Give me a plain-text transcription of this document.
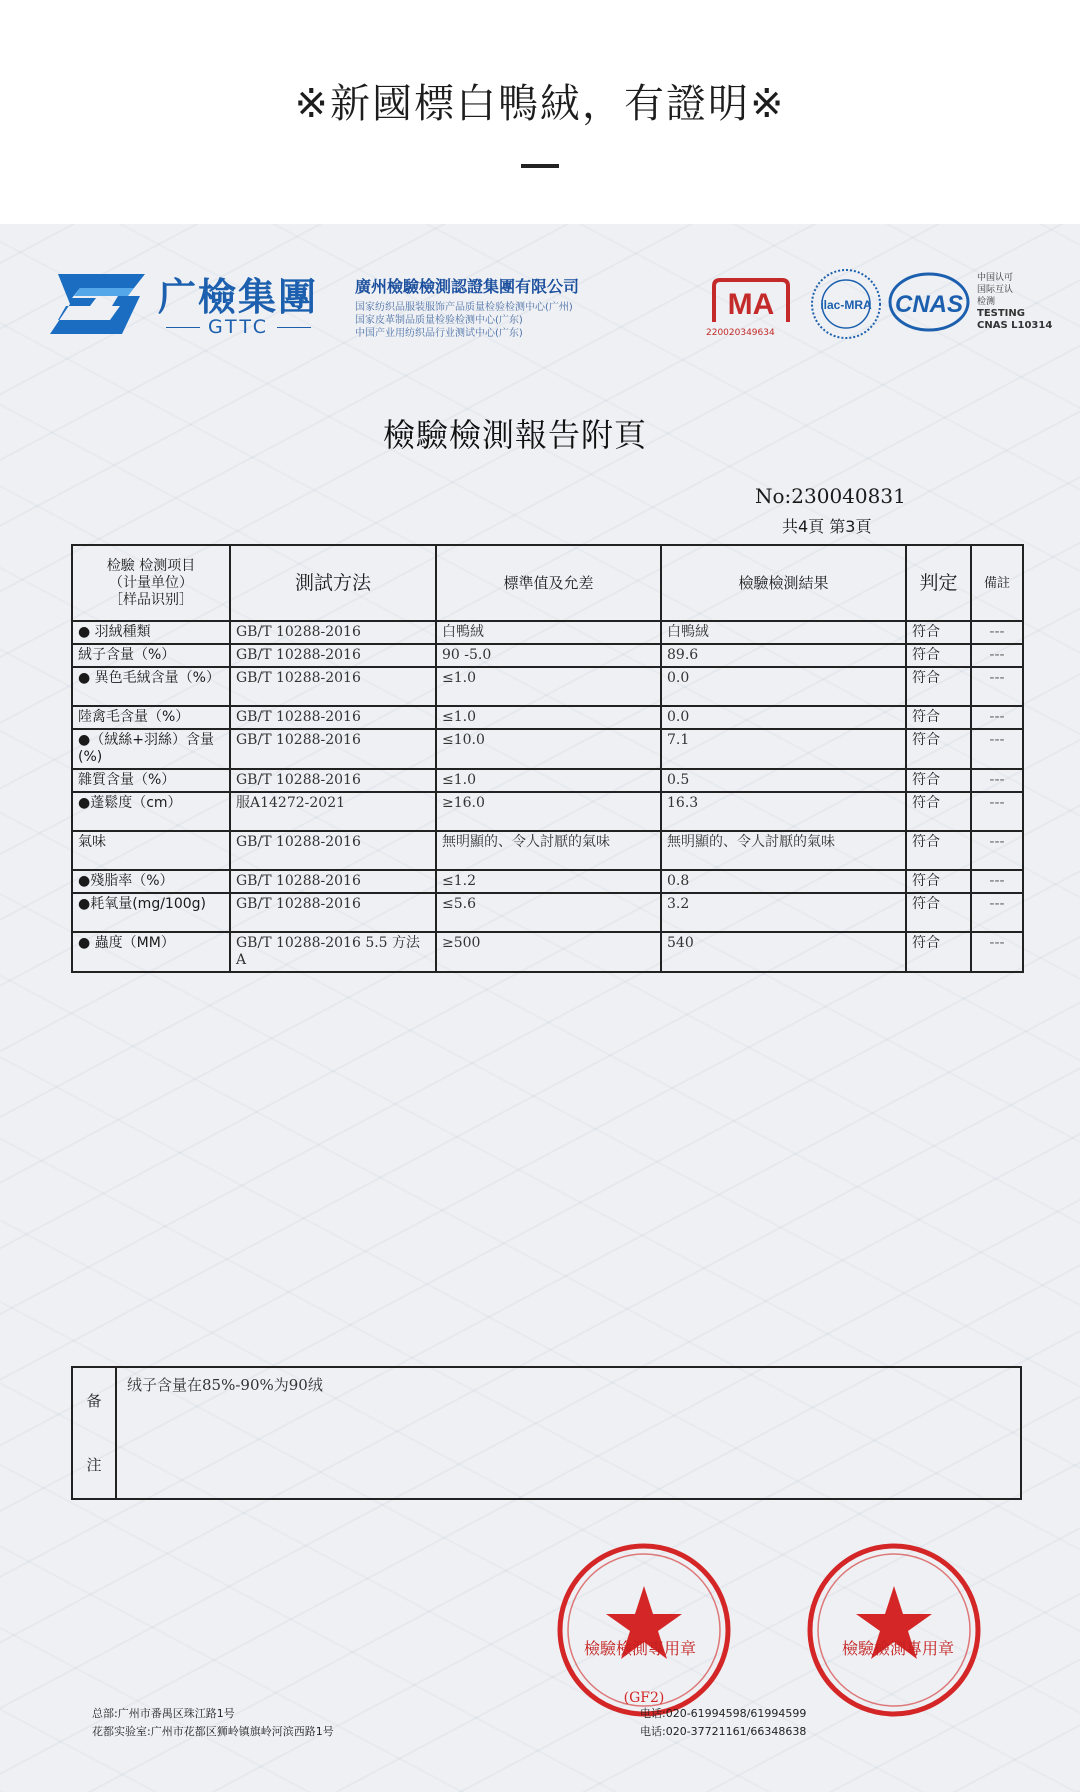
※新國標白鴨絨，有證明※
广檢集團
GTTC
廣州檢驗檢測認證集團有限公司
国家纺织品服装服饰产品质量检验检测中心(广州)
国家皮革制品质量检验检测中心(广东)
中国产业用纺织品行业测试中心(广东)
MA
220020349634
ilac-MRA CNAS
中国认可
国际互认
检测
TESTING
CNAS L10314
檢驗檢測報告附頁
No:230040831
共4頁 第3頁
检驗 检测项目
（计量单位）
［样品识别］	測試方法	標準值及允差	檢驗檢測結果	判定	備註
● 羽絨種類	GB/T 10288-2016	白鴨絨	白鴨絨	符合	---
絨子含量（%）	GB/T 10288-2016	90 -5.0	89.6	符合	---
● 異色毛絨含量（%）	GB/T 10288-2016	≤1.0	0.0	符合	---
陸禽毛含量（%）	GB/T 10288-2016	≤1.0	0.0	符合	---
●（絨絲+羽絲）含量(%)	GB/T 10288-2016	≤10.0	7.1	符合	---
雜質含量（%）	GB/T 10288-2016	≤1.0	0.5	符合	---
●蓬鬆度（cm）	服A14272-2021	≥16.0	16.3	符合	---
氣味	GB/T 10288-2016	無明顯的、令人討厭的氣味	無明顯的、令人討厭的氣味	符合	---
●殘脂率（%）	GB/T 10288-2016	≤1.2	0.8	符合	---
●耗氧量(mg/100g)	GB/T 10288-2016	≤5.6	3.2	符合	---
● 蟲度（MM）	GB/T 10288-2016 5.5 方法A	≥500	540	符合	---
备
注
	绒子含量在85%-90%为90绒
(GF2)
檢驗檢測專用章	檢驗檢測專用章
总部:广州市番禺区珠江路1号
花都实验室:广州市花都区狮岭镇旗岭河滨西路1号
电话:020-61994598/61994599
电话:020-37721161/66348638
